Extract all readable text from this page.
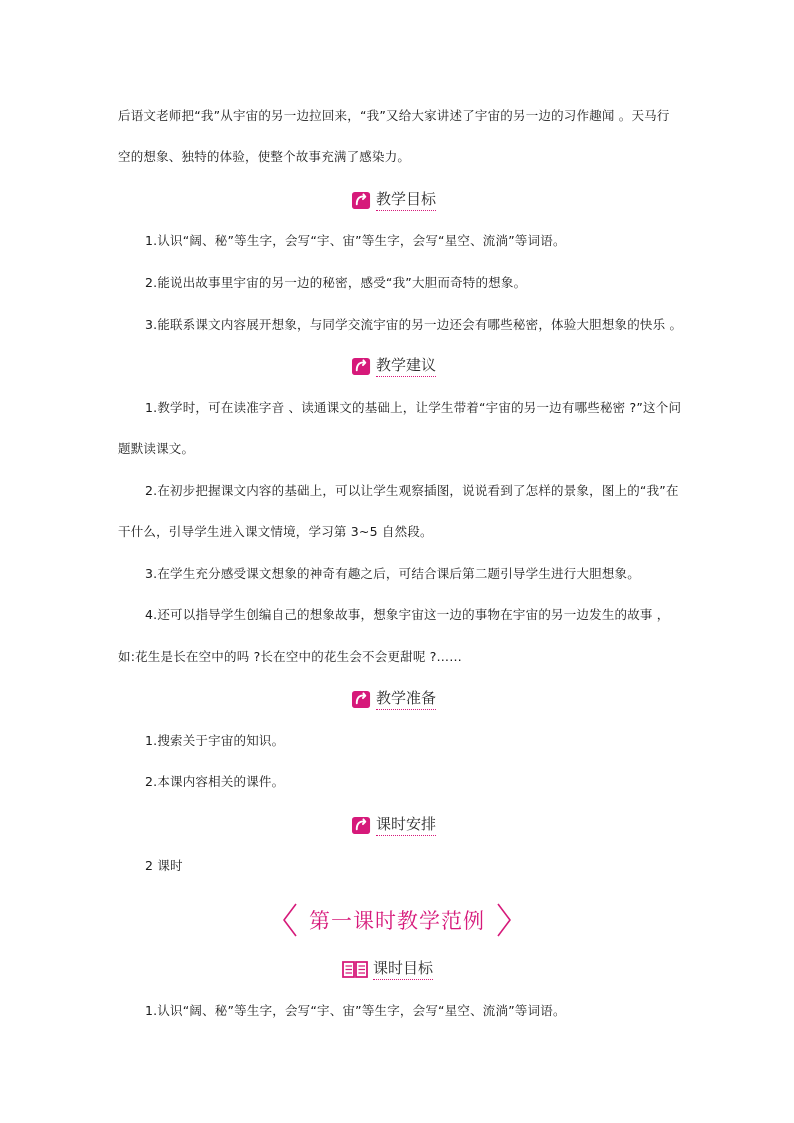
后语文老师把“我”从宇宙的另一边拉回来，“我”又给大家讲述了宇宙的另一边的习作趣闻 。天马行
空的想象、独特的体验，使整个故事充满了感染力。
教学目标
1.认识“阔、秘”等生字，会写“宇、宙”等生字，会写“星空、流淌”等词语。
2.能说出故事里宇宙的另一边的秘密，感受“我”大胆而奇特的想象。
3.能联系课文内容展开想象，与同学交流宇宙的另一边还会有哪些秘密，体验大胆想象的快乐 。
教学建议
1.教学时，可在读准字音 、读通课文的基础上，让学生带着“宇宙的另一边有哪些秘密 ?”这个问
题默读课文。
2.在初步把握课文内容的基础上，可以让学生观察插图，说说看到了怎样的景象，图上的“我”在
干什么，引导学生进入课文情境，学习第 3~5 自然段。
3.在学生充分感受课文想象的神奇有趣之后，可结合课后第二题引导学生进行大胆想象。
4.还可以指导学生创编自己的想象故事，想象宇宙这一边的事物在宇宙的另一边发生的故事 ，
如:花生是长在空中的吗 ?长在空中的花生会不会更甜呢 ?……
教学准备
1.搜索关于宇宙的知识。
2.本课内容相关的课件。
课时安排
2 课时
第一课时教学范例
课时目标
1.认识“阔、秘”等生字，会写“宇、宙”等生字，会写“星空、流淌”等词语。
